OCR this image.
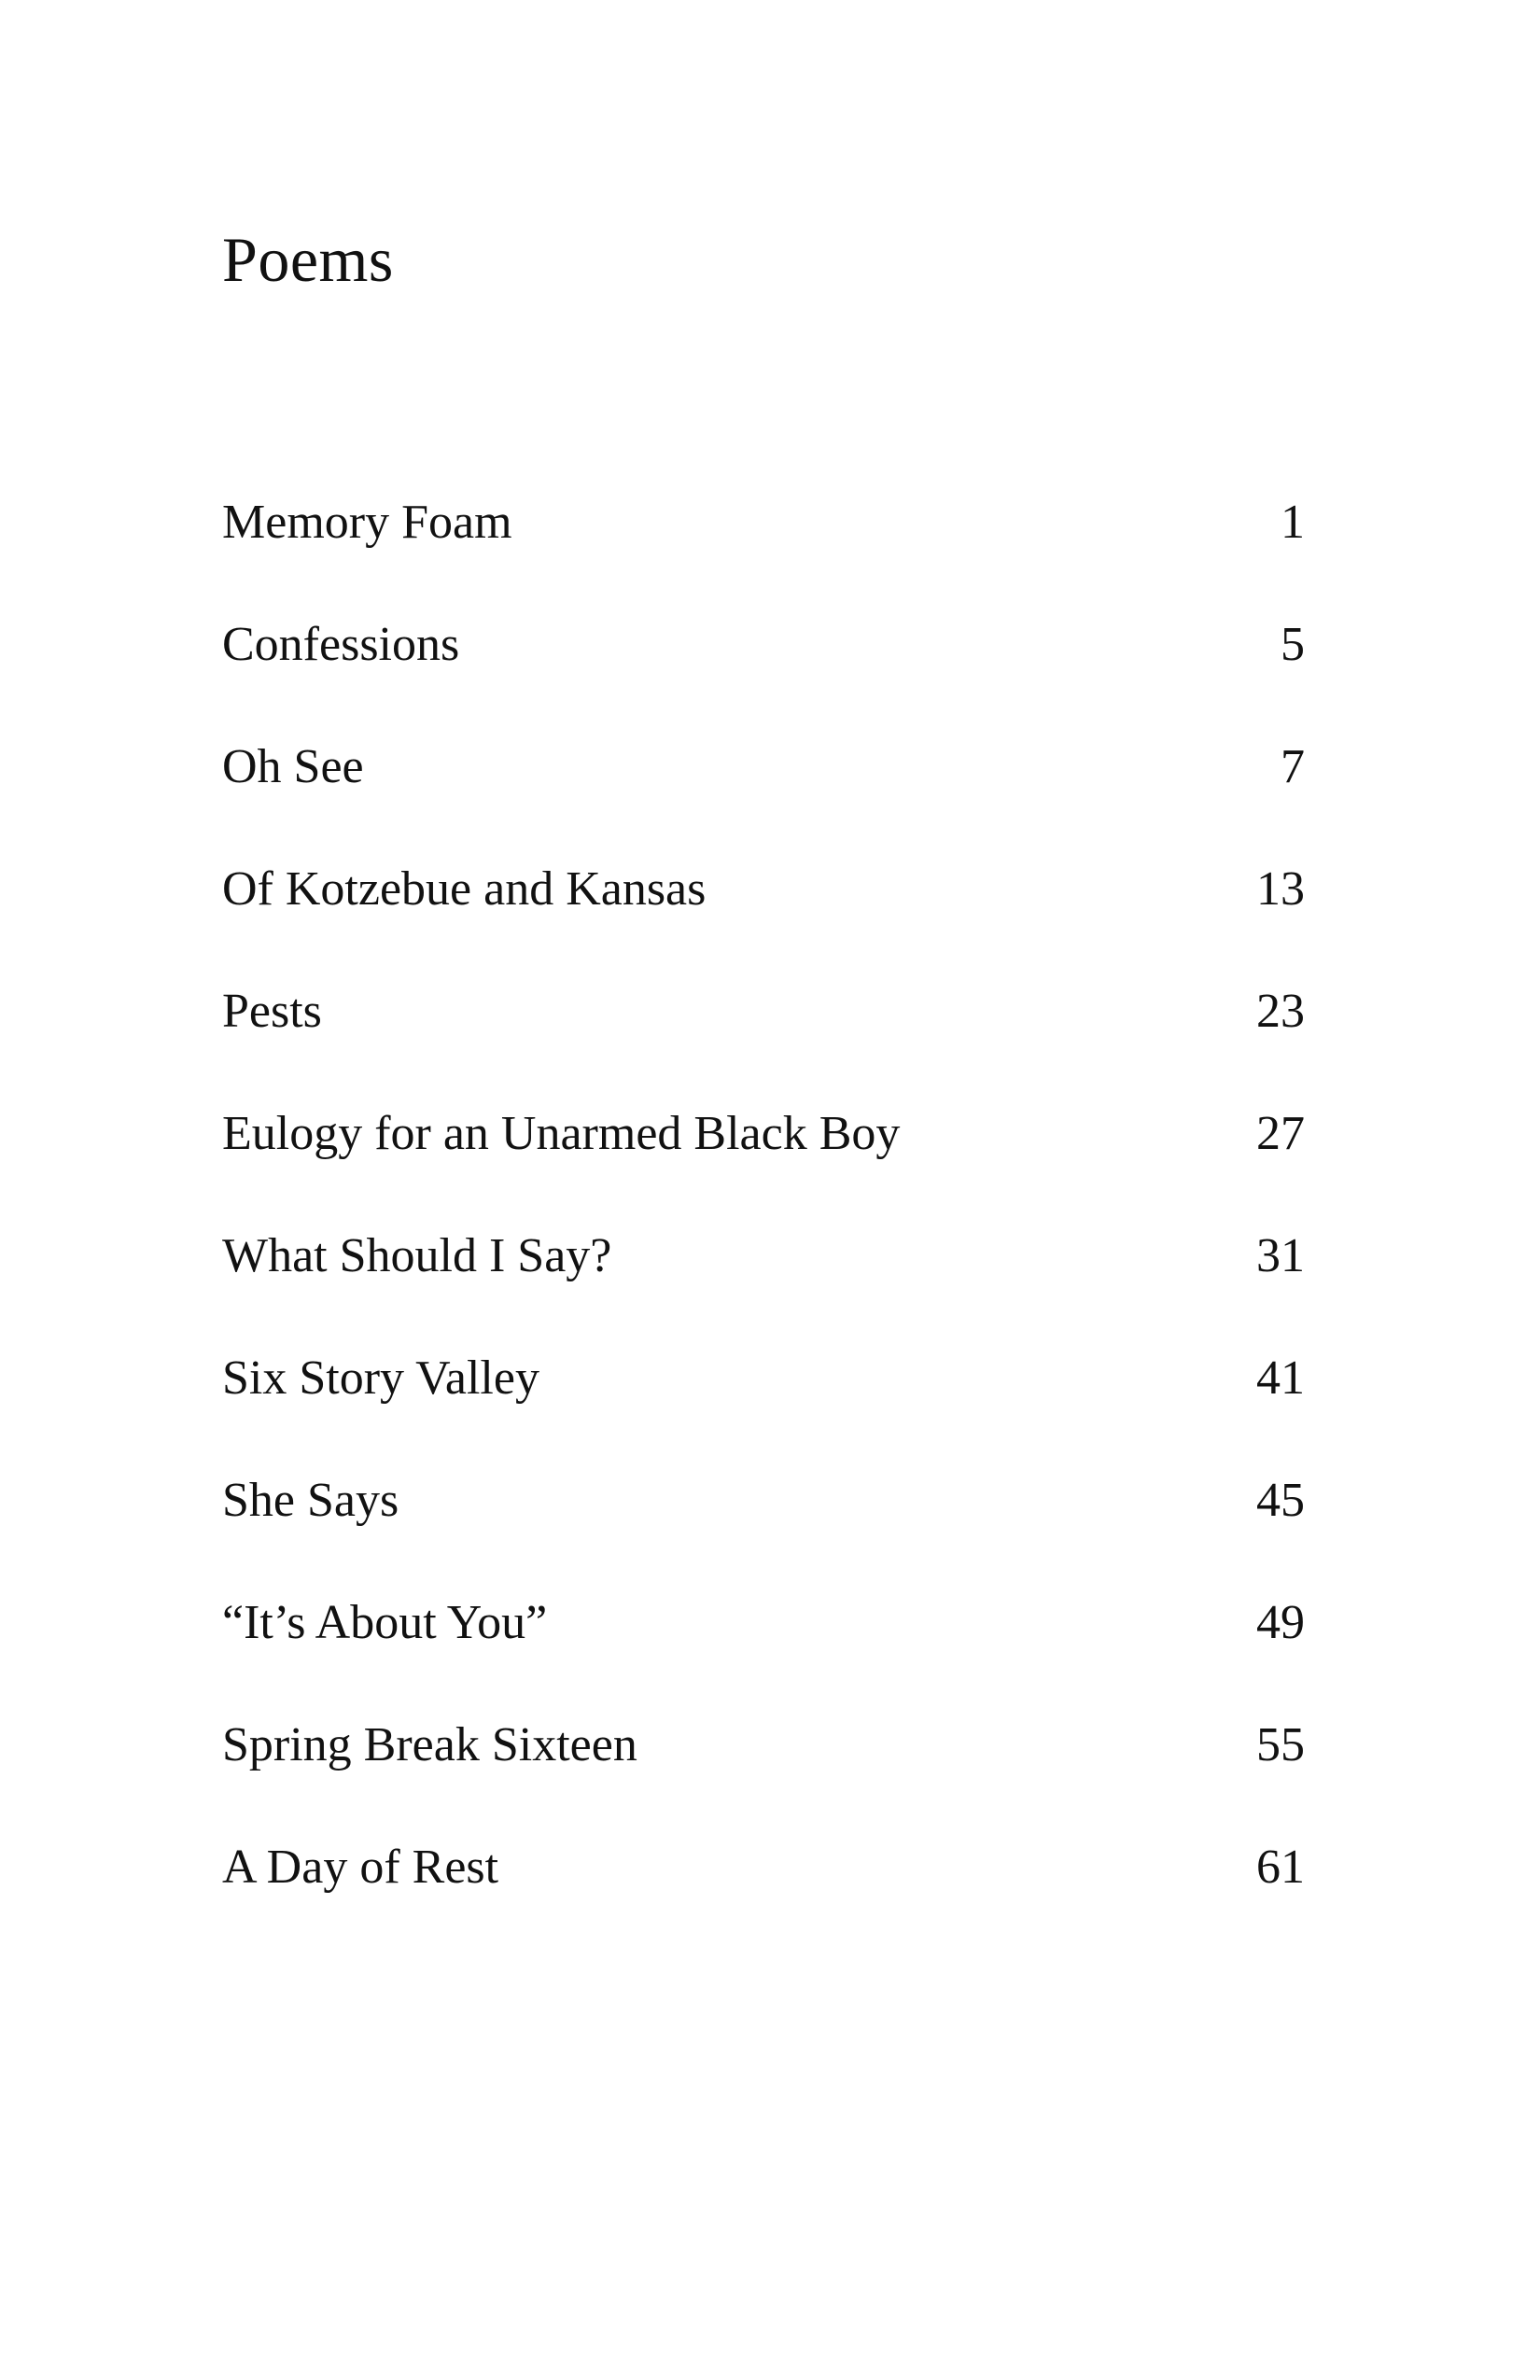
Poems
Memory Foam	1
Confessions	5
Oh See	7
Of Kotzebue and Kansas	13
Pests	23
Eulogy for an Unarmed Black Boy	27
What Should I Say?	31
Six Story Valley	41
She Says	45
“It’s About You”	49
Spring Break Sixteen	55
A Day of Rest	61
